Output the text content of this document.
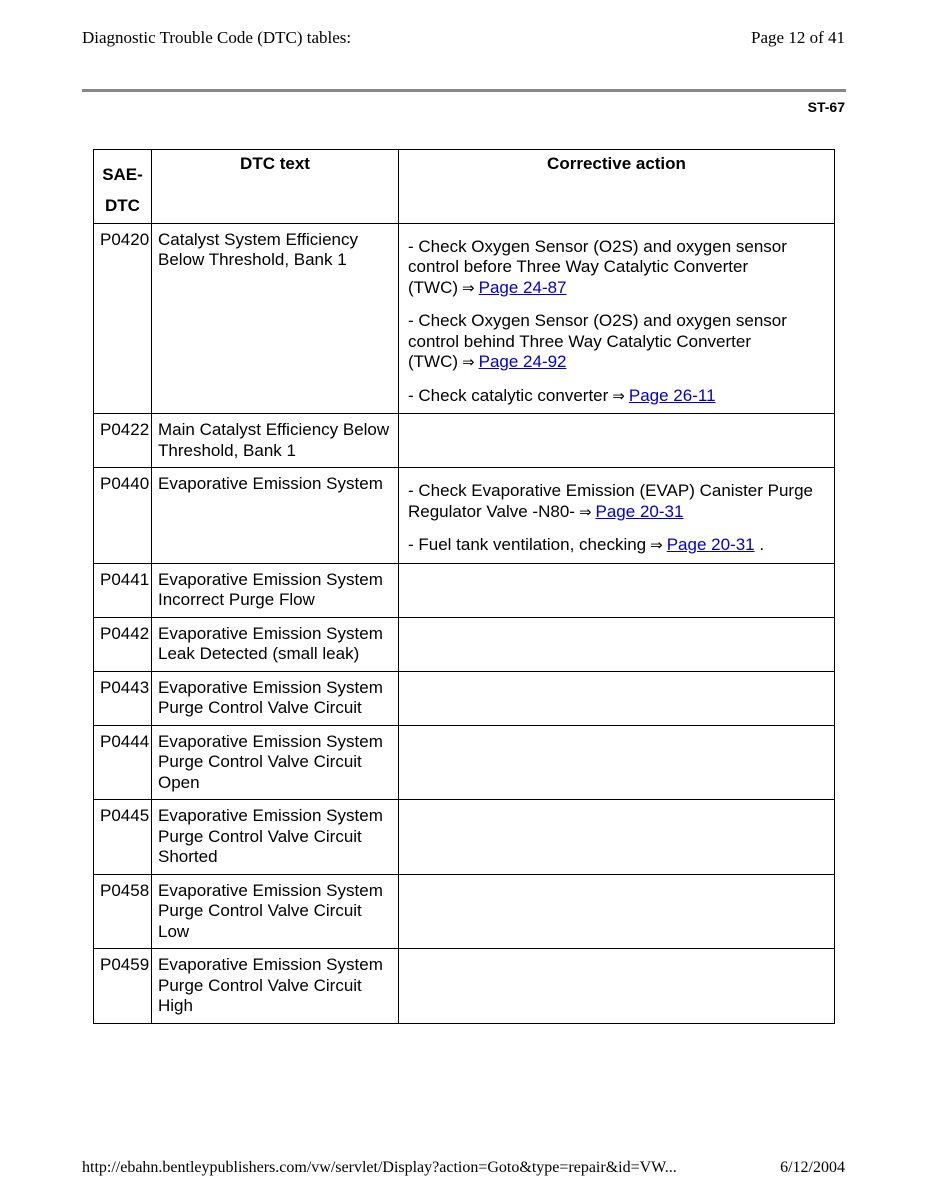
Diagnostic Trouble Code (DTC) tables:	Page 12 of 41
ST-67
SAE-
DTC	DTC text	Corrective action
P0420	Catalyst System Efficiency Below Threshold, Bank 1	- Check Oxygen Sensor (O2S) and oxygen sensor control before Three Way Catalytic Converter (TWC) ⇒ Page 24-87
- Check Oxygen Sensor (O2S) and oxygen sensor control behind Three Way Catalytic Converter (TWC) ⇒ Page 24-92
- Check catalytic converter ⇒ Page 26-11

P0422	Main Catalyst Efficiency Below Threshold, Bank 1	
P0440	Evaporative Emission System	- Check Evaporative Emission (EVAP) Canister Purge Regulator Valve -N80- ⇒ Page 20-31
- Fuel tank ventilation, checking ⇒ Page 20-31 .

P0441	Evaporative Emission System Incorrect Purge Flow	
P0442	Evaporative Emission System Leak Detected (small leak)	
P0443	Evaporative Emission System Purge Control Valve Circuit	
P0444	Evaporative Emission System Purge Control Valve Circuit Open	
P0445	Evaporative Emission System Purge Control Valve Circuit Shorted	
P0458	Evaporative Emission System Purge Control Valve Circuit Low	
P0459	Evaporative Emission System Purge Control Valve Circuit High	
http://ebahn.bentleypublishers.com/vw/servlet/Display?action=Goto&type=repair&id=VW...	6/12/2004
